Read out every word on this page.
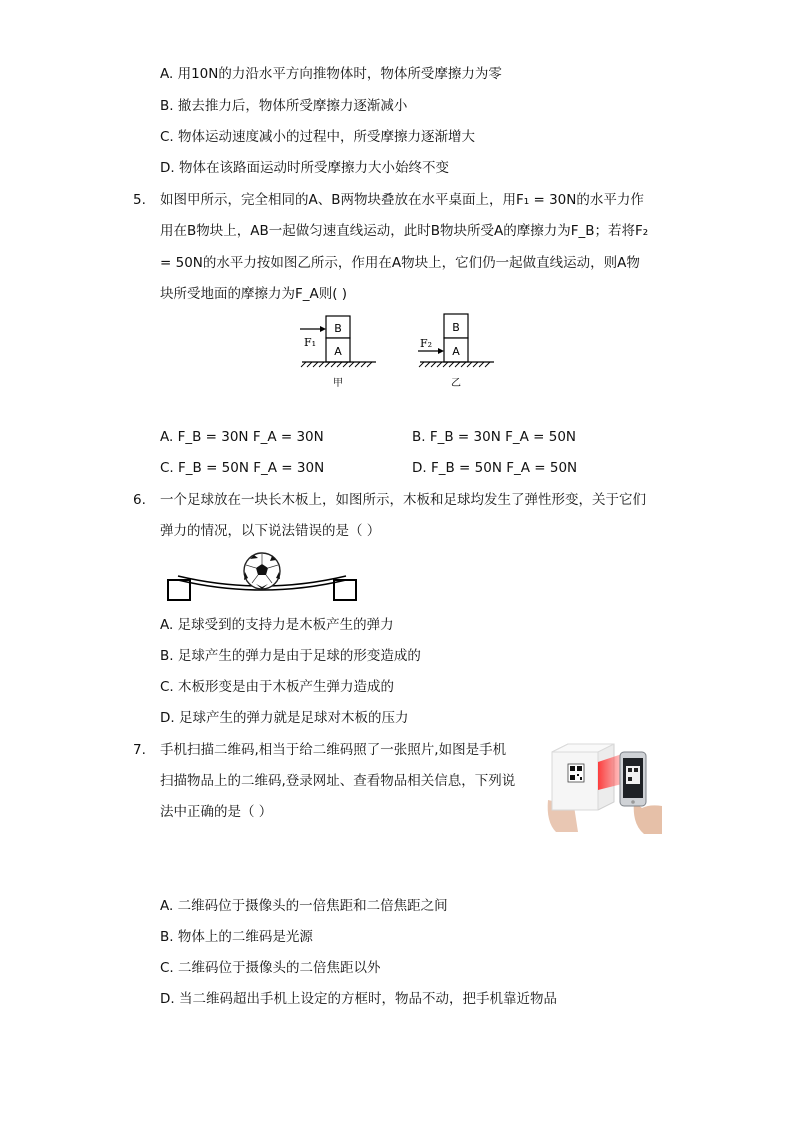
A. 用10N的力沿水平方向推物体时，物体所受摩擦力为零
B. 撤去推力后，物体所受摩擦力逐渐减小
C. 物体运动速度减小的过程中，所受摩擦力逐渐增大
D. 物体在该路面运动时所受摩擦力大小始终不变
5. 如图甲所示，完全相同的A、B两物块叠放在水平桌面上，用F₁ = 30N的水平力作
用在B物块上，AB一起做匀速直线运动，此时B物块所受A的摩擦力为F_B；若将F₂
= 50N的水平力按如图乙所示，作用在A物块上，它们仍一起做直线运动，则A物
块所受地面的摩擦力为F_A则( )
B
A
F₁
甲
B
A
F₂
乙
A. F_B = 30N F_A = 30N	B. F_B = 30N F_A = 50N
C. F_B = 50N F_A = 30N	D. F_B = 50N F_A = 50N
6. 一个足球放在一块长木板上，如图所示，木板和足球均发生了弹性形变，关于它们
弹力的情况，以下说法错误的是（ ）
A. 足球受到的支持力是木板产生的弹力
B. 足球产生的弹力是由于足球的形变造成的
C. 木板形变是由于木板产生弹力造成的
D. 足球产生的弹力就是足球对木板的压力
7. 手机扫描二维码,相当于给二维码照了一张照片,如图是手机
扫描物品上的二维码,登录网址、查看物品相关信息，下列说
法中正确的是（ ）
A. 二维码位于摄像头的一倍焦距和二倍焦距之间
B. 物体上的二维码是光源
C. 二维码位于摄像头的二倍焦距以外
D. 当二维码超出手机上设定的方框时，物品不动，把手机靠近物品
